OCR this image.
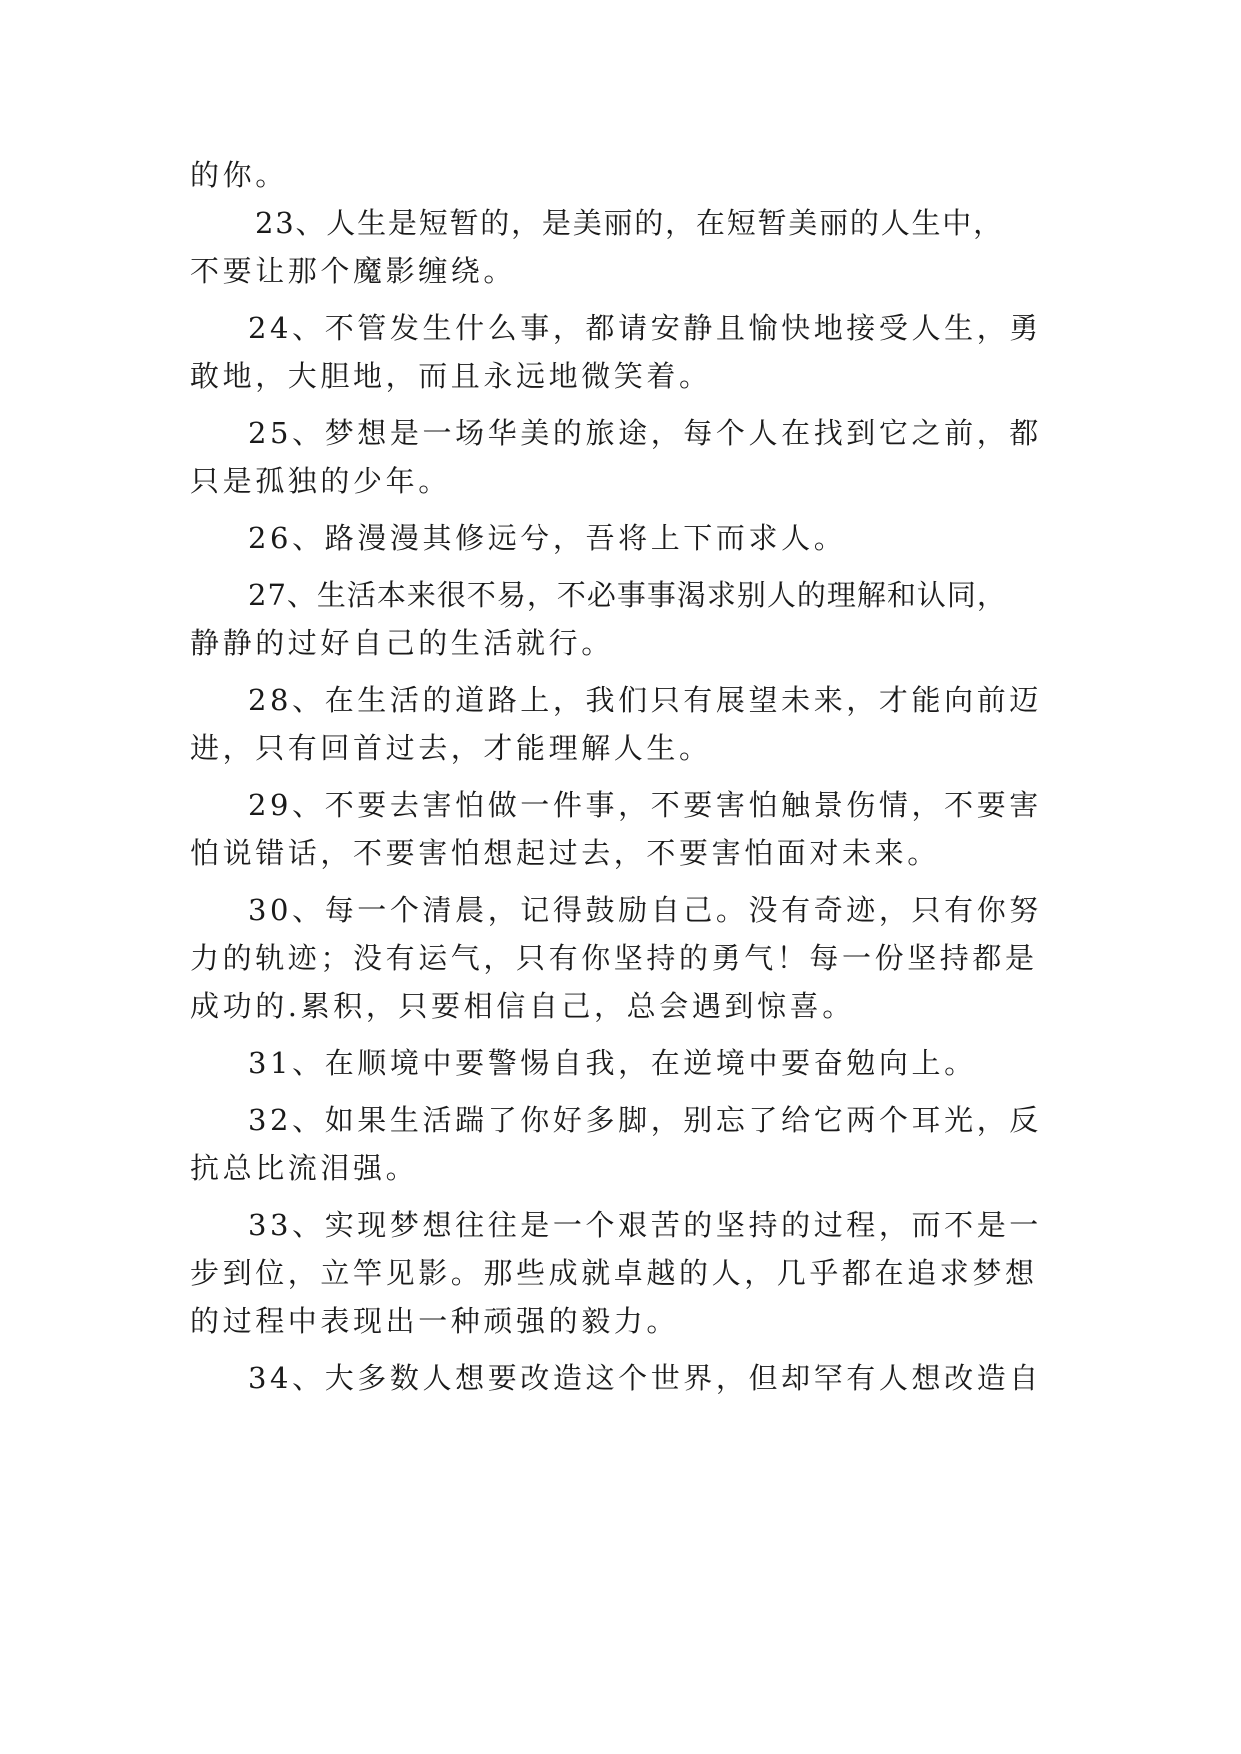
的你。
23、人生是短暂的，是美丽的，在短暂美丽的人生中，
不要让那个魔影缠绕。
24、不管发生什么事，都请安静且愉快地接受人生，勇
敢地，大胆地，而且永远地微笑着。
25、梦想是一场华美的旅途，每个人在找到它之前，都
只是孤独的少年。
26、路漫漫其修远兮，吾将上下而求人。
27、生活本来很不易，不必事事渴求别人的理解和认同，
静静的过好自己的生活就行。
28、在生活的道路上，我们只有展望未来，才能向前迈
进，只有回首过去，才能理解人生。
29、不要去害怕做一件事，不要害怕触景伤情，不要害
怕说错话，不要害怕想起过去，不要害怕面对未来。
30、每一个清晨，记得鼓励自己。没有奇迹，只有你努
力的轨迹；没有运气，只有你坚持的勇气！每一份坚持都是
成功的.累积，只要相信自己，总会遇到惊喜。
31、在顺境中要警惕自我，在逆境中要奋勉向上。
32、如果生活踹了你好多脚，别忘了给它两个耳光，反
抗总比流泪强。
33、实现梦想往往是一个艰苦的坚持的过程，而不是一
步到位，立竿见影。那些成就卓越的人，几乎都在追求梦想
的过程中表现出一种顽强的毅力。
34、大多数人想要改造这个世界，但却罕有人想改造自
